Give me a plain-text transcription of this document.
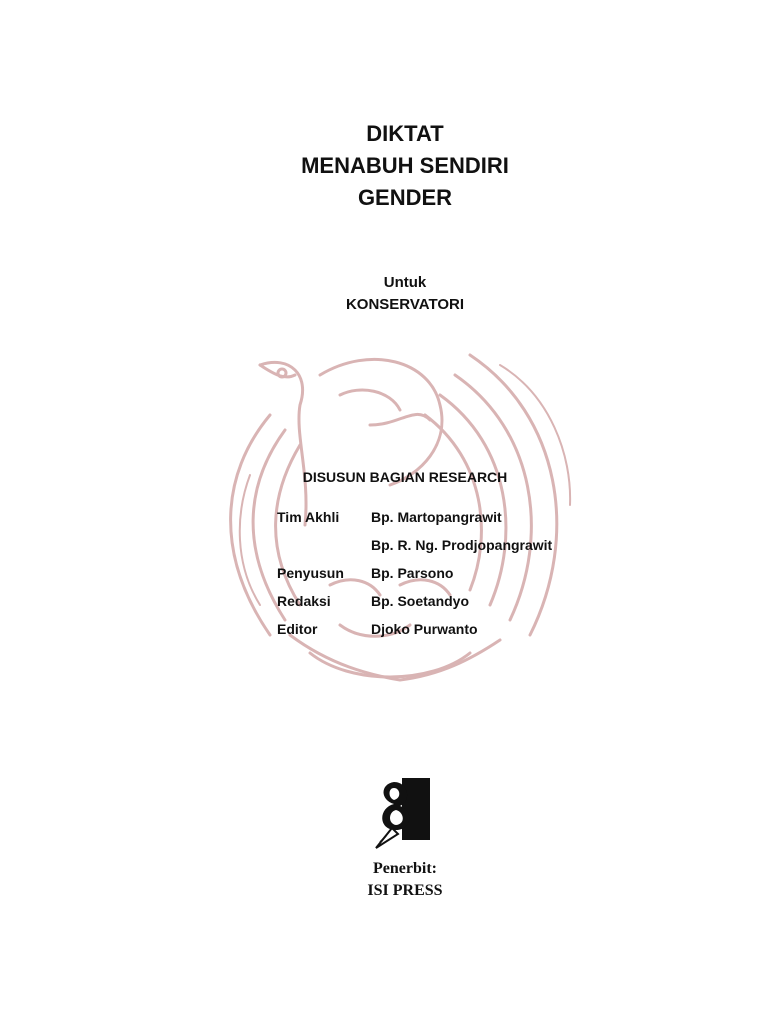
DIKTAT
MENABUH SENDIRI
GENDER
Untuk
KONSERVATORI
DISUSUN BAGIAN RESEARCH
Tim Akhli Bp. Martopangrawit
Bp. R. Ng. Prodjopangrawit
Penyusun Bp. Parsono
Redaksi	Bp. Soetandyo
Editor	Djoko Purwanto
Penerbit:
ISI PRESS
